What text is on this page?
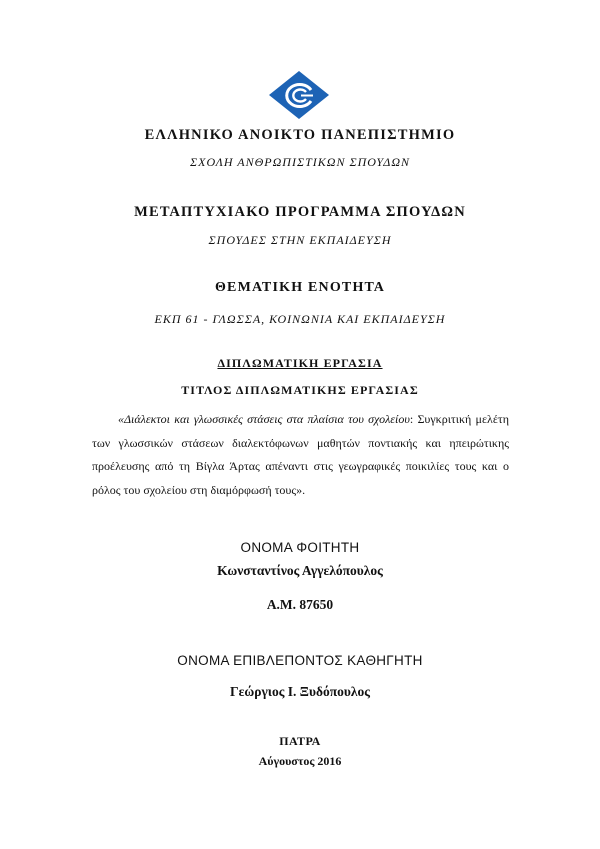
ΕΛΛΗΝΙΚΟ ΑΝΟΙΚΤΟ ΠΑΝΕΠΙΣΤΗΜΙΟ
ΣΧΟΛΗ ΑΝΘΡΩΠΙΣΤΙΚΩΝ ΣΠΟΥΔΩΝ
ΜΕΤΑΠΤΥΧΙΑΚΟ ΠΡΟΓΡΑΜΜΑ ΣΠΟΥΔΩΝ
ΣΠΟΥΔΕΣ ΣΤΗΝ ΕΚΠΑΙΔΕΥΣΗ
ΘΕΜΑΤΙΚΗ ΕΝΟΤΗΤΑ
ΕΚΠ 61 - ΓΛΩΣΣΑ, ΚΟΙΝΩΝΙΑ ΚΑΙ ΕΚΠΑΙΔΕΥΣΗ
ΔΙΠΛΩΜΑΤΙΚΗ ΕΡΓΑΣΙΑ
ΤΙΤΛΟΣ ΔΙΠΛΩΜΑΤΙΚΗΣ ΕΡΓΑΣΙΑΣ
«Διάλεκτοι και γλωσσικές στάσεις στα πλαίσια του σχολείου: Συγκριτική μελέτη των γλωσσικών στάσεων διαλεκτόφωνων μαθητών ποντιακής και ηπειρώτικης προέλευσης από τη Βίγλα Άρτας απέναντι στις γεωγραφικές ποικιλίες τους και ο ρόλος του σχολείου στη διαμόρφωσή τους».
ΟΝΟΜΑ ΦΟΙΤΗΤΗ
Κωνσταντίνος Αγγελόπουλος
Α.Μ. 87650
ΟΝΟΜΑ ΕΠΙΒΛΕΠΟΝΤΟΣ ΚΑΘΗΓΗΤΗ
Γεώργιος Ι. Ξυδόπουλος
ΠΑΤΡΑ
Αύγουστος 2016
